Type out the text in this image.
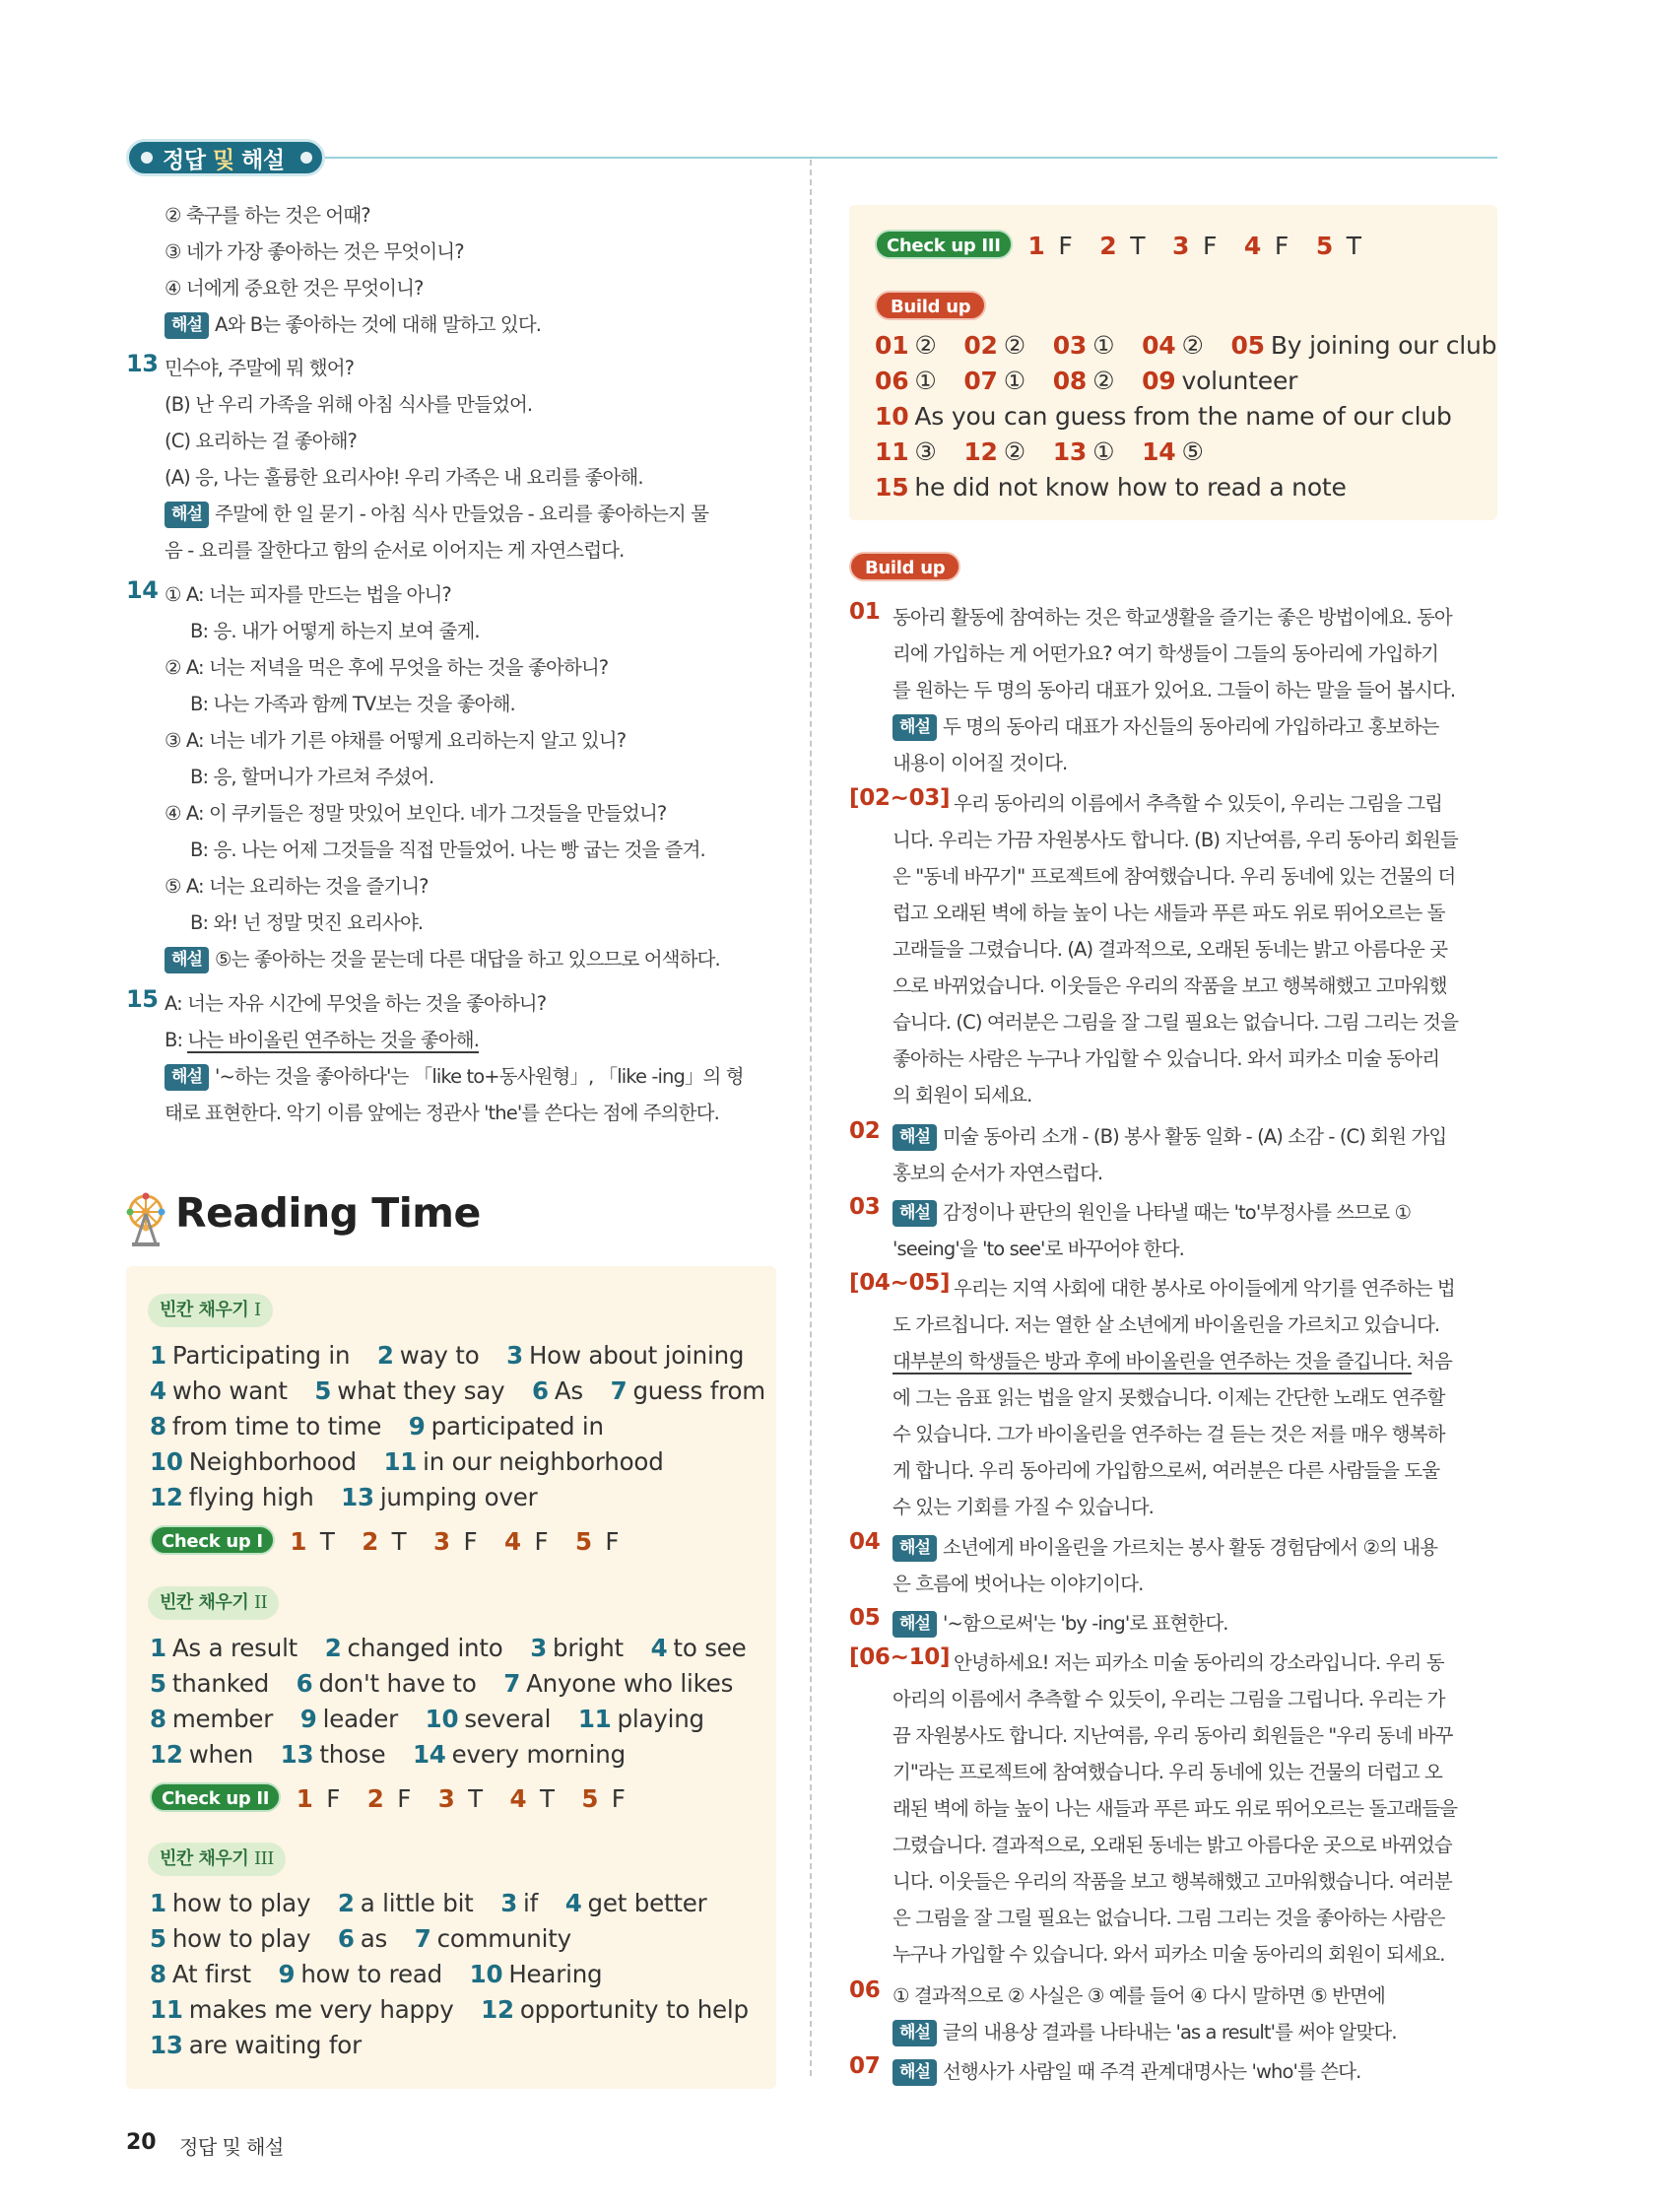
정답 및 해설
② 축구를 하는 것은 어때?
③ 네가 가장 좋아하는 것은 무엇이니?
④ 너에게 중요한 것은 무엇이니?
해설 A와 B는 좋아하는 것에 대해 말하고 있다.
13 민수야, 주말에 뭐 했어?
(B) 난 우리 가족을 위해 아침 식사를 만들었어.
(C) 요리하는 걸 좋아해?
(A) 응, 나는 훌륭한 요리사야! 우리 가족은 내 요리를 좋아해.
해설 주말에 한 일 묻기 - 아침 식사 만들었음 - 요리를 좋아하는지 물
음 - 요리를 잘한다고 함의 순서로 이어지는 게 자연스럽다.
14 ① A: 너는 피자를 만드는 법을 아니?
B: 응. 내가 어떻게 하는지 보여 줄게.
② A: 너는 저녁을 먹은 후에 무엇을 하는 것을 좋아하니?
B: 나는 가족과 함께 TV보는 것을 좋아해.
③ A: 너는 네가 기른 야채를 어떻게 요리하는지 알고 있니?
B: 응, 할머니가 가르쳐 주셨어.
④ A: 이 쿠키들은 정말 맛있어 보인다. 네가 그것들을 만들었니?
B: 응. 나는 어제 그것들을 직접 만들었어. 나는 빵 굽는 것을 즐겨.
⑤ A: 너는 요리하는 것을 즐기니?
B: 와! 넌 정말 멋진 요리사야.
해설 ⑤는 좋아하는 것을 묻는데 다른 대답을 하고 있으므로 어색하다.
15 A: 너는 자유 시간에 무엇을 하는 것을 좋아하니?
B: 나는 바이올린 연주하는 것을 좋아해.
해설 '~하는 것을 좋아하다'는 「like to+동사원형」, 「like -ing」의 형
태로 표현한다. 악기 이름 앞에는 정관사 'the'를 쓴다는 점에 주의한다.
Reading Time
빈칸 채우기 I
1 Participating in 2 way to 3 How about joining
4 who want 5 what they say 6 As 7 guess from
8 from time to time 9 participated in
10 Neighborhood 11 in our neighborhood
12 flying high 13 jumping over
Check up I 1 T 2 T 3 F 4 F 5 F
빈칸 채우기 II
1 As a result 2 changed into 3 bright 4 to see
5 thanked 6 don't have to 7 Anyone who likes
8 member 9 leader 10 several 11 playing
12 when 13 those 14 every morning
Check up II 1 F 2 F 3 T 4 T 5 F
빈칸 채우기 III
1 how to play 2 a little bit 3 if 4 get better
5 how to play 6 as 7 community
8 At first 9 how to read 10 Hearing
11 makes me very happy 12 opportunity to help
13 are waiting for
Check up III 1 F 2 T 3 F 4 F 5 T
Build up
01 ② 02 ② 03 ① 04 ② 05 By joining our club
06 ① 07 ① 08 ② 09 volunteer
10 As you can guess from the name of our club
11 ③ 12 ② 13 ① 14 ⑤
15 he did not know how to read a note
Build up
01 동아리 활동에 참여하는 것은 학교생활을 즐기는 좋은 방법이에요. 동아
리에 가입하는 게 어떤가요? 여기 학생들이 그들의 동아리에 가입하기
를 원하는 두 명의 동아리 대표가 있어요. 그들이 하는 말을 들어 봅시다.
해설 두 명의 동아리 대표가 자신들의 동아리에 가입하라고 홍보하는
내용이 이어질 것이다.
[02~03] 우리 동아리의 이름에서 추측할 수 있듯이, 우리는 그림을 그립
니다. 우리는 가끔 자원봉사도 합니다. (B) 지난여름, 우리 동아리 회원들
은 "동네 바꾸기" 프로젝트에 참여했습니다. 우리 동네에 있는 건물의 더
럽고 오래된 벽에 하늘 높이 나는 새들과 푸른 파도 위로 뛰어오르는 돌
고래들을 그렸습니다. (A) 결과적으로, 오래된 동네는 밝고 아름다운 곳
으로 바뀌었습니다. 이웃들은 우리의 작품을 보고 행복해했고 고마워했
습니다. (C) 여러분은 그림을 잘 그릴 필요는 없습니다. 그림 그리는 것을
좋아하는 사람은 누구나 가입할 수 있습니다. 와서 피카소 미술 동아리
의 회원이 되세요.
02	해설 미술 동아리 소개 - (B) 봉사 활동 일화 - (A) 소감 - (C) 회원 가입
홍보의 순서가 자연스럽다.
03	해설 감정이나 판단의 원인을 나타낼 때는 'to'부정사를 쓰므로 ①
'seeing'을 'to see'로 바꾸어야 한다.
[04~05] 우리는 지역 사회에 대한 봉사로 아이들에게 악기를 연주하는 법
도 가르칩니다. 저는 열한 살 소년에게 바이올린을 가르치고 있습니다.
대부분의 학생들은 방과 후에 바이올린을 연주하는 것을 즐깁니다. 처음
에 그는 음표 읽는 법을 알지 못했습니다. 이제는 간단한 노래도 연주할
수 있습니다. 그가 바이올린을 연주하는 걸 듣는 것은 저를 매우 행복하
게 합니다. 우리 동아리에 가입함으로써, 여러분은 다른 사람들을 도울
수 있는 기회를 가질 수 있습니다.
04	해설 소년에게 바이올린을 가르치는 봉사 활동 경험담에서 ②의 내용
은 흐름에 벗어나는 이야기이다.
05	해설 '~함으로써'는 'by -ing'로 표현한다.
[06~10] 안녕하세요! 저는 피카소 미술 동아리의 강소라입니다. 우리 동
아리의 이름에서 추측할 수 있듯이, 우리는 그림을 그립니다. 우리는 가
끔 자원봉사도 합니다. 지난여름, 우리 동아리 회원들은 "우리 동네 바꾸
기"라는 프로젝트에 참여했습니다. 우리 동네에 있는 건물의 더럽고 오
래된 벽에 하늘 높이 나는 새들과 푸른 파도 위로 뛰어오르는 돌고래들을
그렸습니다. 결과적으로, 오래된 동네는 밝고 아름다운 곳으로 바뀌었습
니다. 이웃들은 우리의 작품을 보고 행복해했고 고마워했습니다. 여러분
은 그림을 잘 그릴 필요는 없습니다. 그림 그리는 것을 좋아하는 사람은
누구나 가입할 수 있습니다. 와서 피카소 미술 동아리의 회원이 되세요.
06 ① 결과적으로 ② 사실은 ③ 예를 들어 ④ 다시 말하면 ⑤ 반면에
해설 글의 내용상 결과를 나타내는 'as a result'를 써야 알맞다.
07	해설 선행사가 사람일 때 주격 관계대명사는 'who'를 쓴다.
20 정답 및 해설
